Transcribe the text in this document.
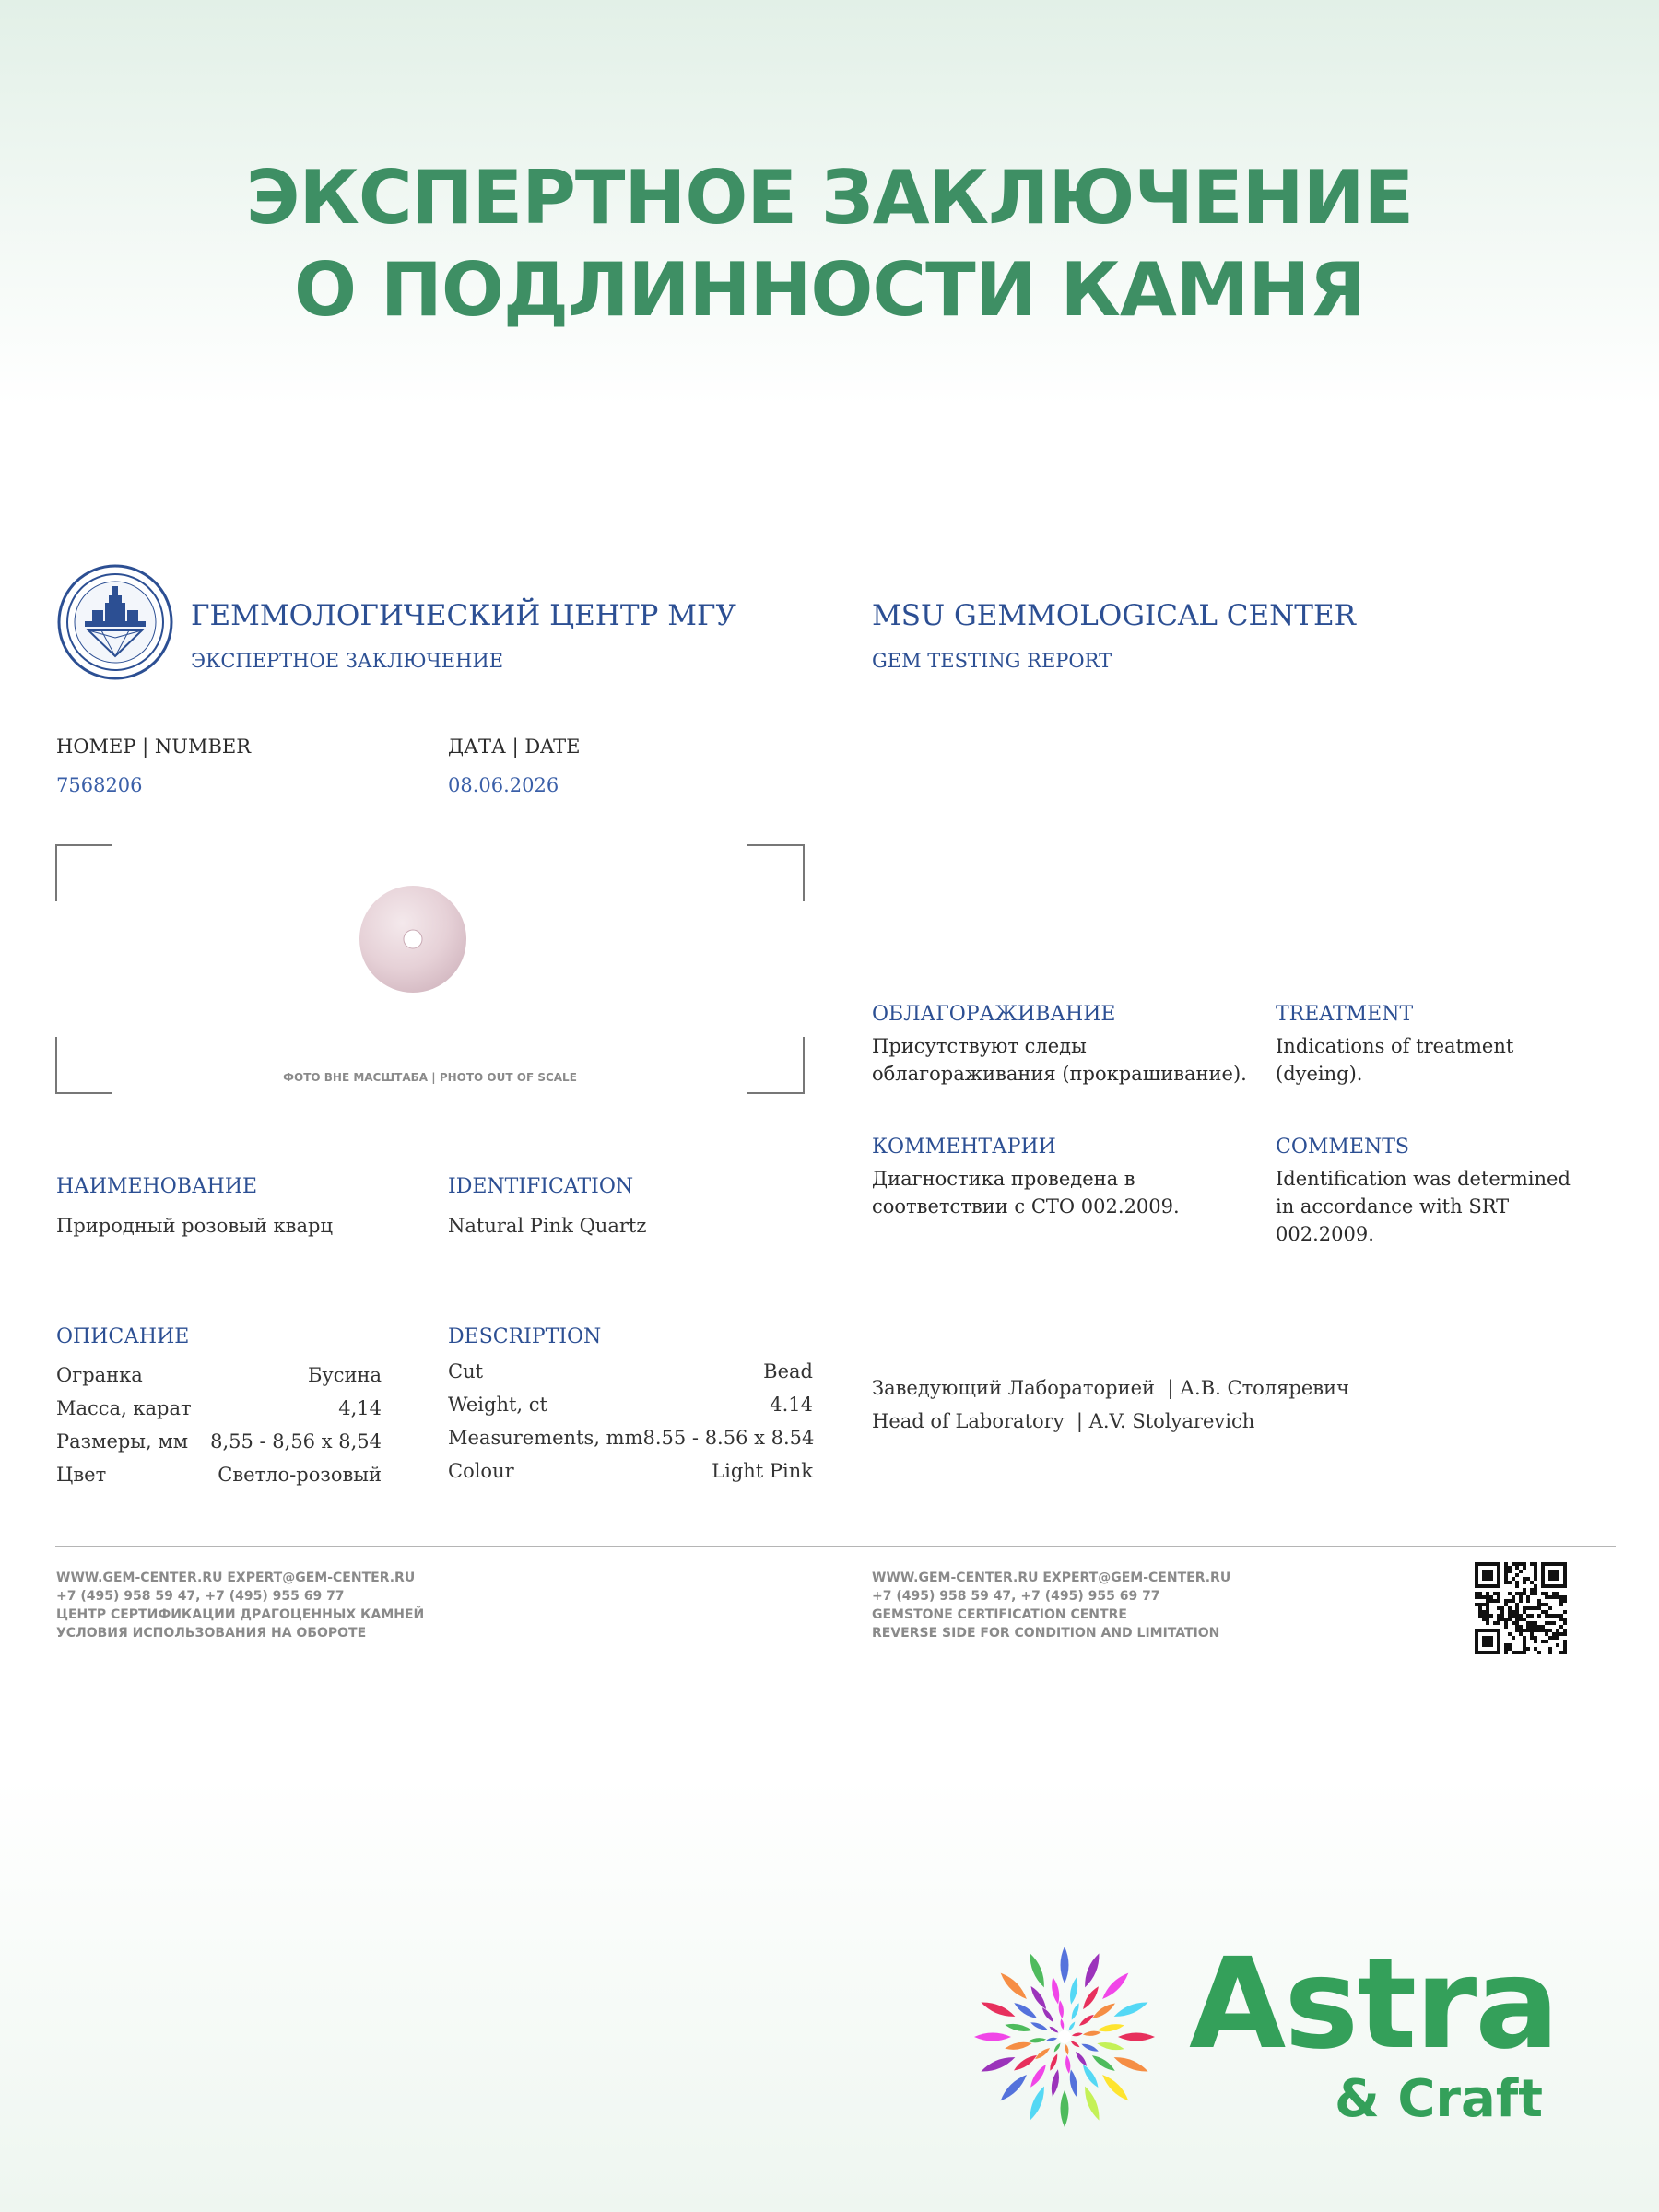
ЭКСПЕРТНОЕ ЗАКЛЮЧЕНИЕ
О ПОДЛИННОСТИ КАМНЯ
ГЕММОЛОГИЧЕСКИЙ ЦЕНТР МГУ
ЭКСПЕРТНОЕ ЗАКЛЮЧЕНИЕ
MSU GEMMOLOGICAL CENTER
GEM TESTING REPORT
НОМЕР | NUMBER
7568206
ДАТА | DATE
08.06.2026
ФОТО ВНЕ МАСШТАБА | PHOTO OUT OF SCALE
НАИМЕНОВАНИЕ
Природный розовый кварц
IDENTIFICATION
Natural Pink Quartz
ОПИСАНИЕ	DESCRIPTION
Огранка	Бусина
Масса, карат	4,14
Размеры, мм 8,55 - 8,56 x 8,54
Цвет	Светло-розовый
Cut	Bead
Weight, ct	4.14
Measurements, mm 8.55 - 8.56 x 8.54
Colour	Light Pink
ОБЛАГОРАЖИВАНИЕ
Присутствуют следы облагораживания (прокрашивание).
TREATMENT
Indications of treatment (dyeing).
КОММЕНТАРИИ
Диагностика проведена в соответствии с СТО 002.2009.
COMMENTS
Identification was determined in accordance with SRT 002.2009.
Заведующий Лабораторией  | А.В. Столяревич
Head of Laboratory  | A.V. Stolyarevich
WWW.GEM-CENTER.RU EXPERT@GEM-CENTER.RU
+7 (495) 958 59 47, +7 (495) 955 69 77
ЦЕНТР СЕРТИФИКАЦИИ ДРАГОЦЕННЫХ КАМНЕЙ
УСЛОВИЯ ИСПОЛЬЗОВАНИЯ НА ОБОРОТЕ
WWW.GEM-CENTER.RU EXPERT@GEM-CENTER.RU
+7 (495) 958 59 47, +7 (495) 955 69 77
GEMSTONE CERTIFICATION CENTRE
REVERSE SIDE FOR CONDITION AND LIMITATION
Astra
& Craft
